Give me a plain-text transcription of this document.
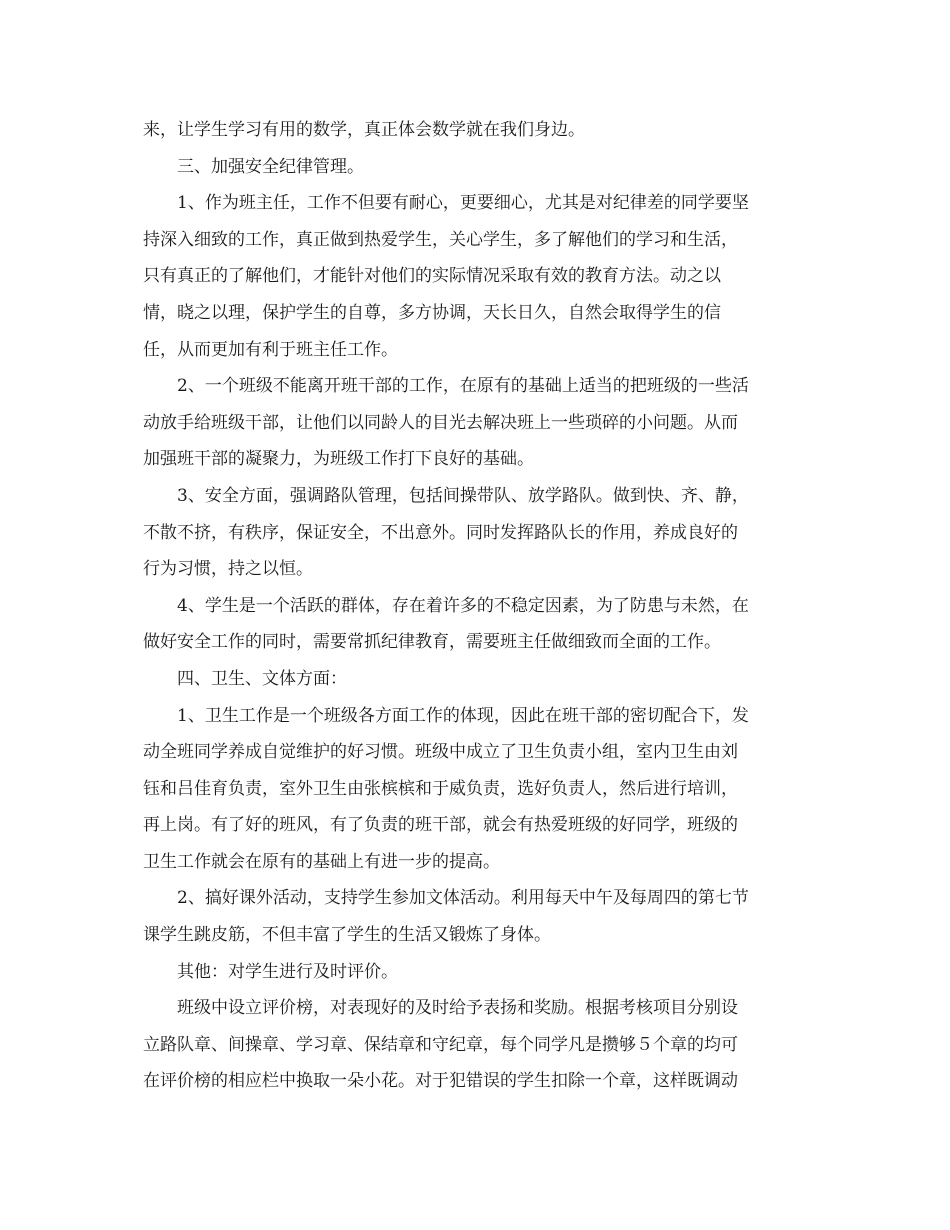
来，让学生学习有用的数学，真正体会数学就在我们身边。
三、加强安全纪律管理。
1、作为班主任，工作不但要有耐心，更要细心，尤其是对纪律差的同学要坚
持深入细致的工作，真正做到热爱学生，关心学生，多了解他们的学习和生活，
只有真正的了解他们，才能针对他们的实际情况采取有效的教育方法。动之以
情，晓之以理，保护学生的自尊，多方协调，天长日久，自然会取得学生的信
任，从而更加有利于班主任工作。
2、一个班级不能离开班干部的工作，在原有的基础上适当的把班级的一些活
动放手给班级干部，让他们以同龄人的目光去解决班上一些琐碎的小问题。从而
加强班干部的凝聚力，为班级工作打下良好的基础。
3、安全方面，强调路队管理，包括间操带队、放学路队。做到快、齐、静，
不散不挤，有秩序，保证安全，不出意外。同时发挥路队长的作用，养成良好的
行为习惯，持之以恒。
4、学生是一个活跃的群体，存在着许多的不稳定因素，为了防患与未然，在
做好安全工作的同时，需要常抓纪律教育，需要班主任做细致而全面的工作。
四、卫生、文体方面：
1、卫生工作是一个班级各方面工作的体现，因此在班干部的密切配合下，发
动全班同学养成自觉维护的好习惯。班级中成立了卫生负责小组，室内卫生由刘
钰和吕佳育负责，室外卫生由张槟槟和于威负责，选好负责人，然后进行培训，
再上岗。有了好的班风，有了负责的班干部，就会有热爱班级的好同学，班级的
卫生工作就会在原有的基础上有进一步的提高。
2、搞好课外活动，支持学生参加文体活动。利用每天中午及每周四的第七节
课学生跳皮筋，不但丰富了学生的生活又锻炼了身体。
其他：对学生进行及时评价。
班级中设立评价榜，对表现好的及时给予表扬和奖励。根据考核项目分别设
立路队章、间操章、学习章、保结章和守纪章，每个同学凡是攒够５个章的均可
在评价榜的相应栏中换取一朵小花。对于犯错误的学生扣除一个章，这样既调动
